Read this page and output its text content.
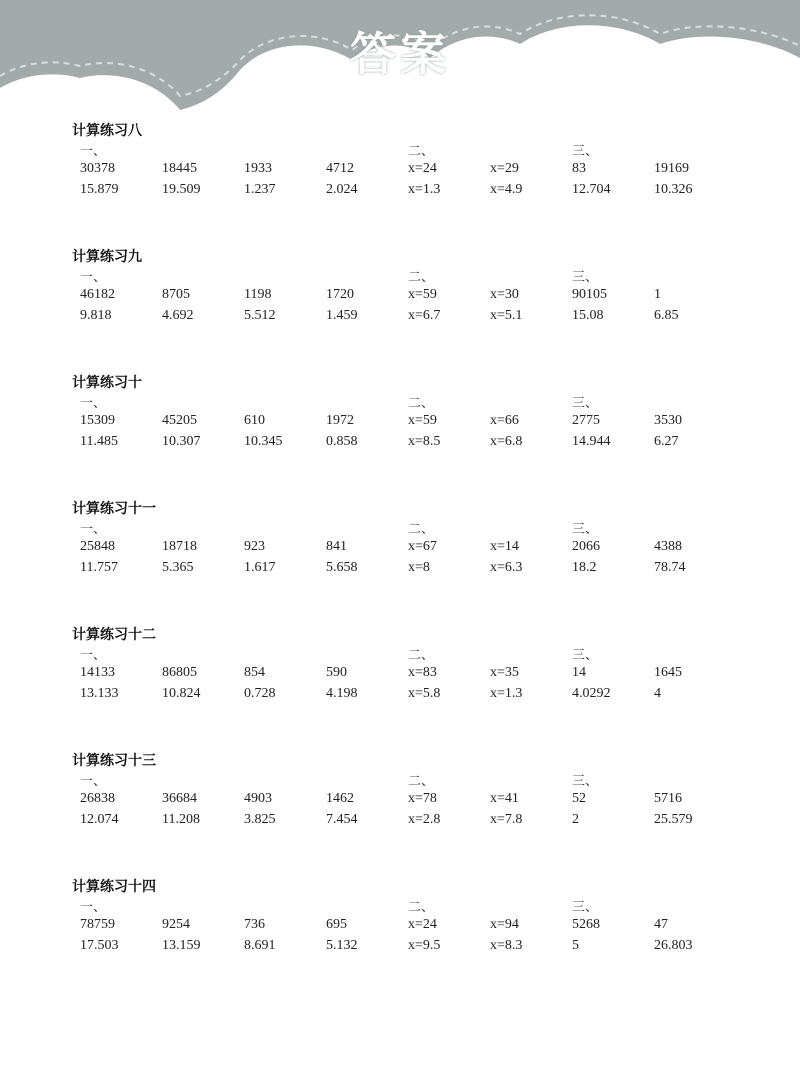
答案
计算练习八
一、	二、	三、
30378	18445	1933	4712	x=24	x=29	83	19169
15.879	19.509	1.237	2.024	x=1.3	x=4.9	12.704	10.326
计算练习九
一、	二、	三、
46182	8705	1198	1720	x=59	x=30	90105	1
9.818	4.692	5.512	1.459	x=6.7	x=5.1	15.08	6.85
计算练习十
一、	二、	三、
15309	45205	610	1972	x=59	x=66	2775	3530
11.485	10.307	10.345	0.858	x=8.5	x=6.8	14.944	6.27
计算练习十一
一、	二、	三、
25848	18718	923	841	x=67	x=14	2066	4388
11.757	5.365	1.617	5.658	x=8	x=6.3	18.2	78.74
计算练习十二
一、	二、	三、
14133	86805	854	590	x=83	x=35	14	1645
13.133	10.824	0.728	4.198	x=5.8	x=1.3	4.0292	4
计算练习十三
一、	二、	三、
26838	36684	4903	1462	x=78	x=41	52	5716
12.074	11.208	3.825	7.454	x=2.8	x=7.8	2	25.579
计算练习十四
一、	二、	三、
78759	9254	736	695	x=24	x=94	5268	47
17.503	13.159	8.691	5.132	x=9.5	x=8.3	5	26.803
